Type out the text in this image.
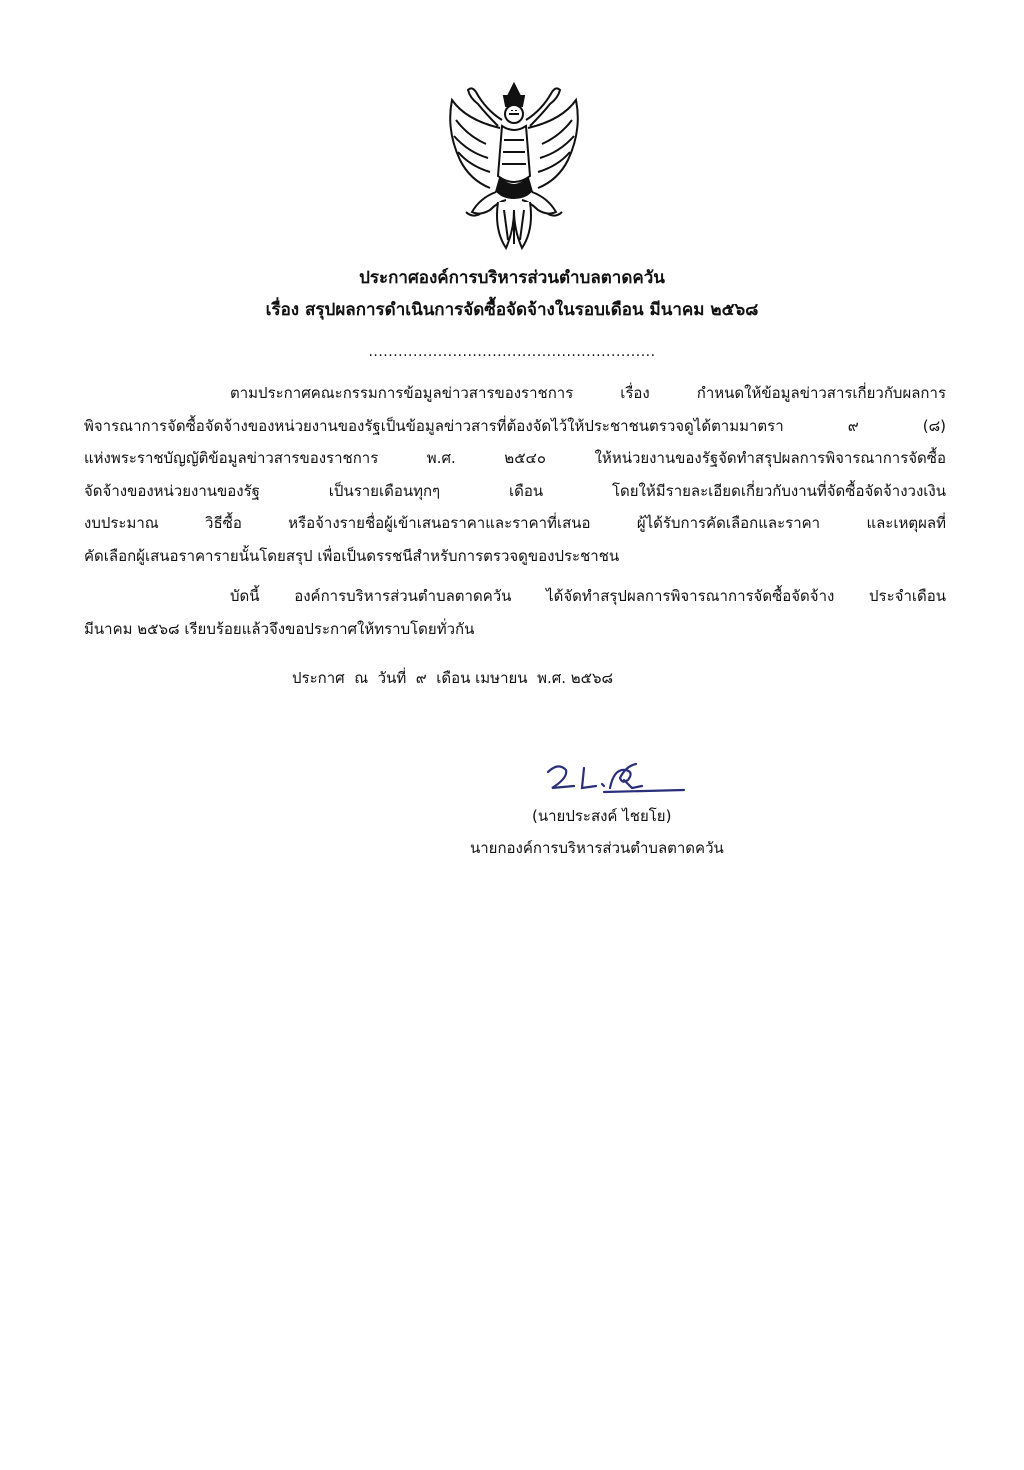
ประกาศองค์การบริหารส่วนตำบลตาดควัน
เรื่อง สรุปผลการดำเนินการจัดซื้อจัดจ้างในรอบเดือน มีนาคม ๒๕๖๘
..........................................................
ตามประกาศคณะกรรมการข้อมูลข่าวสารของราชการ เรื่อง กำหนดให้ข้อมูลข่าวสารเกี่ยวกับผลการ
พิจารณาการจัดซื้อจัดจ้างของหน่วยงานของรัฐเป็นข้อมูลข่าวสารที่ต้องจัดไว้ให้ประชาชนตรวจดูได้ตามมาตรา ๙ (๘)
แห่งพระราชบัญญัติข้อมูลข่าวสารของราชการ พ.ศ. ๒๕๔๐ ให้หน่วยงานของรัฐจัดทำสรุปผลการพิจารณาการจัดซื้อ
จัดจ้างของหน่วยงานของรัฐ เป็นรายเดือนทุกๆ เดือน โดยให้มีรายละเอียดเกี่ยวกับงานที่จัดซื้อจัดจ้างวงเงิน
งบประมาณ วิธีซื้อ หรือจ้างรายชื่อผู้เข้าเสนอราคาและราคาที่เสนอ ผู้ได้รับการคัดเลือกและราคา และเหตุผลที่
คัดเลือกผู้เสนอราคารายนั้นโดยสรุป เพื่อเป็นดรรชนีสำหรับการตรวจดูของประชาชน
บัดนี้ องค์การบริหารส่วนตำบลตาดควัน ได้จัดทำสรุปผลการพิจารณาการจัดซื้อจัดจ้าง ประจำเดือน
มีนาคม ๒๕๖๘ เรียบร้อยแล้วจึงขอประกาศให้ทราบโดยทั่วกัน
ประกาศ  ณ  วันที่  ๙  เดือน เมษายน  พ.ศ. ๒๕๖๘
(นายประสงค์ ไชยโย)
นายกองค์การบริหารส่วนตำบลตาดควัน
